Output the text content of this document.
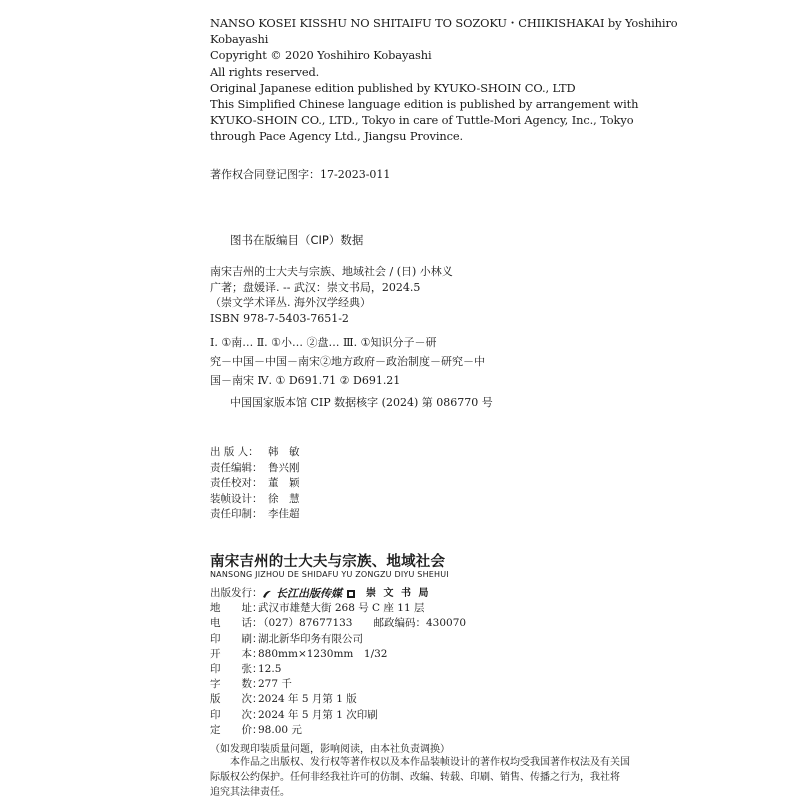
NANSO KOSEI KISSHU NO SHITAIFU TO SOZOKU・CHIIKISHAKAI by Yoshihiro

Kobayashi

Copyright © 2020 Yoshihiro Kobayashi

All rights reserved.

Original Japanese edition published by KYUKO-SHOIN CO., LTD

This Simplified Chinese language edition is published by arrangement with

KYUKO-SHOIN CO., LTD., Tokyo in care of Tuttle-Mori Agency, Inc., Tokyo

through Pace Agency Ltd., Jiangsu Province.

著作权合同登记图字：17-2023-011
图书在版编目（CIP）数据

南宋吉州的士大夫与宗族、地域社会 / (日) 小林义

广著；盘媛译. -- 武汉：崇文书局，2024.5

（崇文学术译丛. 海外汉学经典）

ISBN 978-7-5403-7651-2

Ⅰ. ①南… Ⅱ. ①小… ②盘… Ⅲ. ①知识分子－研

究－中国－中国－南宋②地方政府－政治制度－研究－中

国－南宋 Ⅳ. ① D691.71 ② D691.21

中国国家版本馆 CIP 数据核字 (2024) 第 086770 号
出 版 人： 韩　敏
责任编辑： 鲁兴刚
责任校对： 董　颖
装帧设计： 徐　慧
责任印制： 李佳超
南宋吉州的士大夫与宗族、地域社会
NANSONG JIZHOU DE SHIDAFU YU ZONGZU DIYU SHEHUI
出版发行： 长江出版传媒 崇 文 书 局
地　　址：
武汉市雄楚大街 268 号 C 座 11 层
电　　话：
（027）87677133　　邮政编码：430070
印　　刷：
湖北新华印务有限公司
开　　本：
880mm×1230mm　1/32
印　　张：
12.5
字　　数：
277 千
版　　次：
2024 年 5 月第 1 版
印　　次：
2024 年 5 月第 1 次印刷
定　　价：
98.00 元
（如发现印装质量问题，影响阅读，由本社负责调换）

　　本作品之出版权、发行权等著作权以及本作品装帧设计的著作权均受我国著作权法及有关国

际版权公约保护。任何非经我社许可的仿制、改编、转载、印刷、销售、传播之行为，我社将

追究其法律责任。
